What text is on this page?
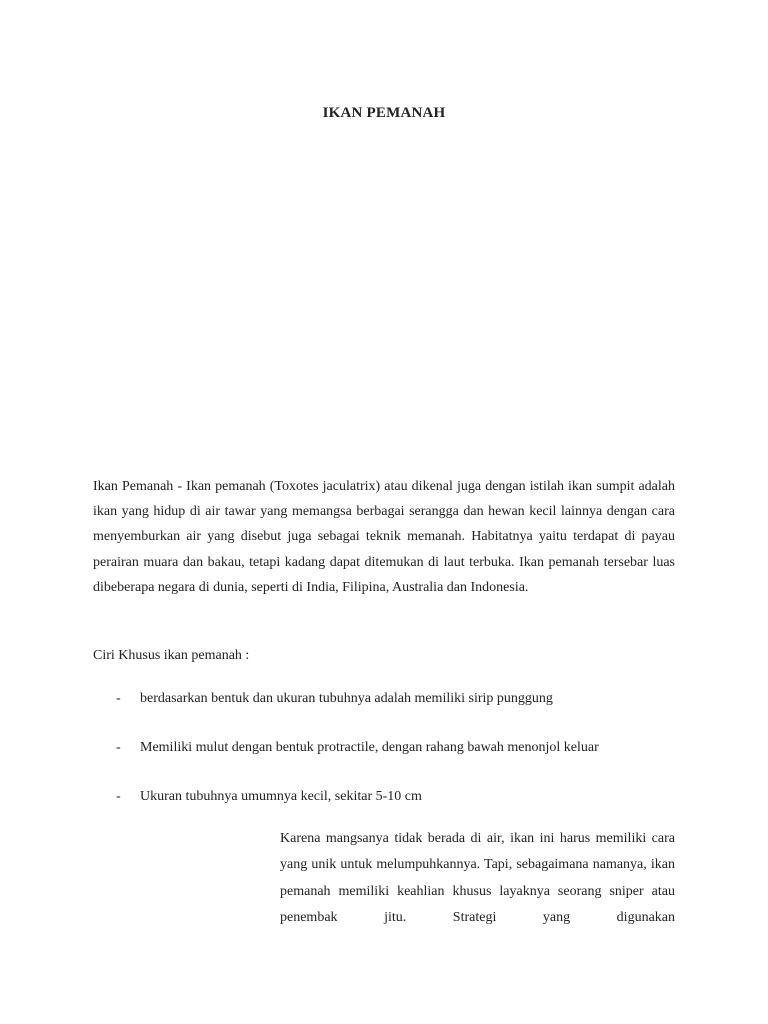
IKAN PEMANAH
Ikan Pemanah - Ikan pemanah (Toxotes jaculatrix) atau dikenal juga dengan istilah ikan sumpit adalah ikan yang hidup di air tawar yang memangsa berbagai serangga dan hewan kecil lainnya dengan cara menyemburkan air yang disebut juga sebagai teknik memanah. Habitatnya yaitu terdapat di payau perairan muara dan bakau, tetapi kadang dapat ditemukan di laut terbuka. Ikan pemanah tersebar luas dibeberapa negara di dunia, seperti di India, Filipina, Australia dan Indonesia.
Ciri Khusus ikan pemanah :
-	berdasarkan bentuk dan ukuran tubuhnya adalah memiliki sirip punggung
-	Memiliki mulut dengan bentuk protractile, dengan rahang bawah menonjol keluar
-	Ukuran tubuhnya umumnya kecil, sekitar 5-10 cm
Karena mangsanya tidak berada di air, ikan ini harus memiliki cara yang unik untuk melumpuhkannya. Tapi, sebagaimana namanya, ikan pemanah memiliki keahlian khusus layaknya seorang sniper atau penembak jitu. Strategi yang digunakan
